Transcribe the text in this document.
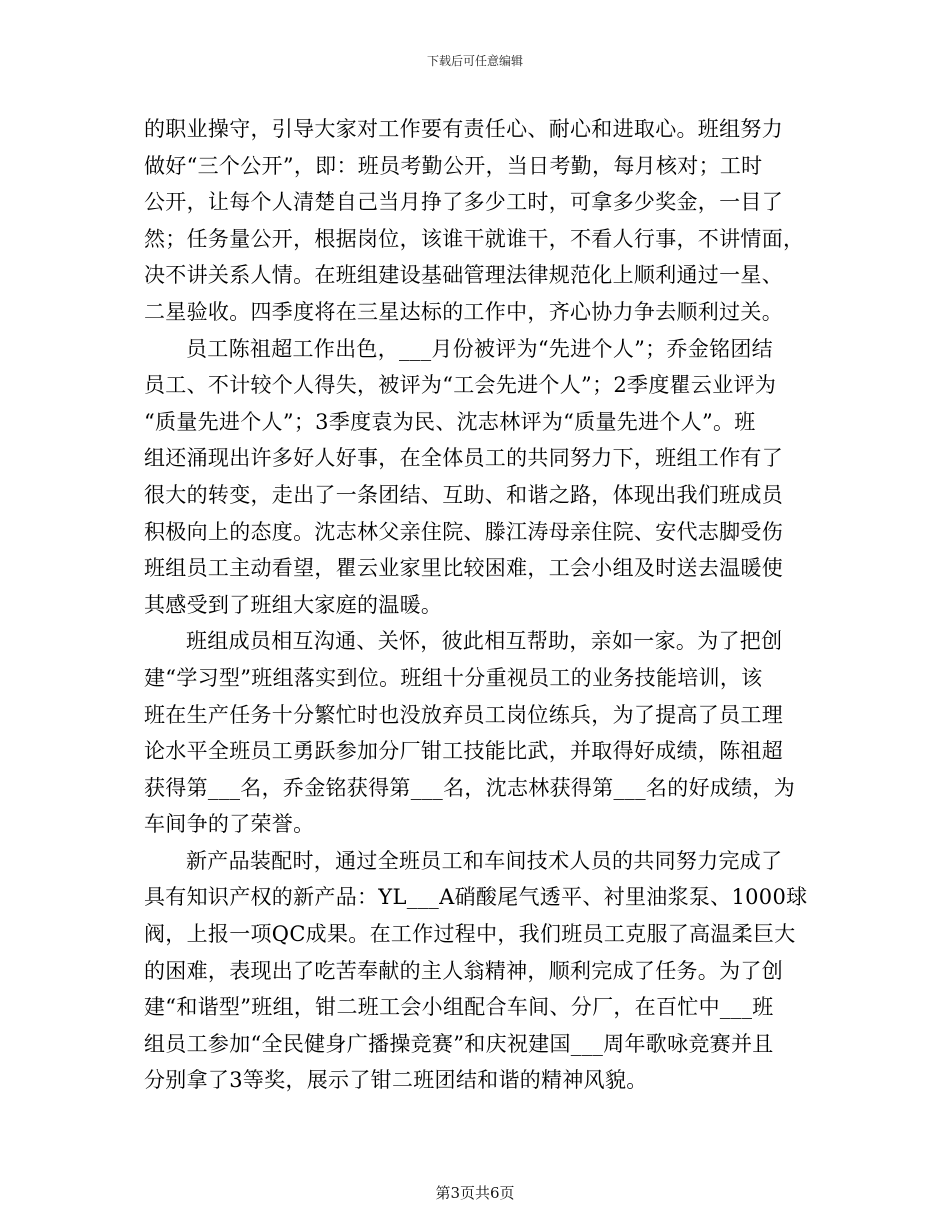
下载后可任意编辑

的职业操守，引导大家对工作要有责任心、耐心和进取心。班组努力
做好“三个公开”，即：班员考勤公开，当日考勤，每月核对；工时
公开，让每个人清楚自己当月挣了多少工时，可拿多少奖金，一目了
然；任务量公开，根据岗位，该谁干就谁干，不看人行事，不讲情面，
决不讲关系人情。在班组建设基础管理法律规范化上顺利通过一星、
二星验收。四季度将在三星达标的工作中，齐心协力争去顺利过关。

员工陈祖超工作出色，___月份被评为“先进个人”；乔金铭团结
员工、不计较个人得失，被评为“工会先进个人”；2季度瞿云业评为
“质量先进个人”；3季度袁为民、沈志林评为“质量先进个人”。班
组还涌现出许多好人好事，在全体员工的共同努力下，班组工作有了
很大的转变，走出了一条团结、互助、和谐之路，体现出我们班成员
积极向上的态度。沈志林父亲住院、滕江涛母亲住院、安代志脚受伤
班组员工主动看望，瞿云业家里比较困难，工会小组及时送去温暖使
其感受到了班组大家庭的温暖。

班组成员相互沟通、关怀，彼此相互帮助，亲如一家。为了把创
建“学习型”班组落实到位。班组十分重视员工的业务技能培训，该
班在生产任务十分繁忙时也没放弃员工岗位练兵，为了提高了员工理
论水平全班员工勇跃参加分厂钳工技能比武，并取得好成绩，陈祖超
获得第___名，乔金铭获得第___名，沈志林获得第___名的好成绩，为
车间争的了荣誉。

新产品装配时，通过全班员工和车间技术人员的共同努力完成了
具有知识产权的新产品：YL___A硝酸尾气透平、衬里油浆泵、1000球
阀，上报一项QC成果。在工作过程中，我们班员工克服了高温柔巨大
的困难，表现出了吃苦奉献的主人翁精神，顺利完成了任务。为了创
建“和谐型”班组，钳二班工会小组配合车间、分厂，在百忙中___班
组员工参加“全民健身广播操竞赛”和庆祝建国___周年歌咏竞赛并且
分别拿了3等奖，展示了钳二班团结和谐的精神风貌。

第3页共6页
